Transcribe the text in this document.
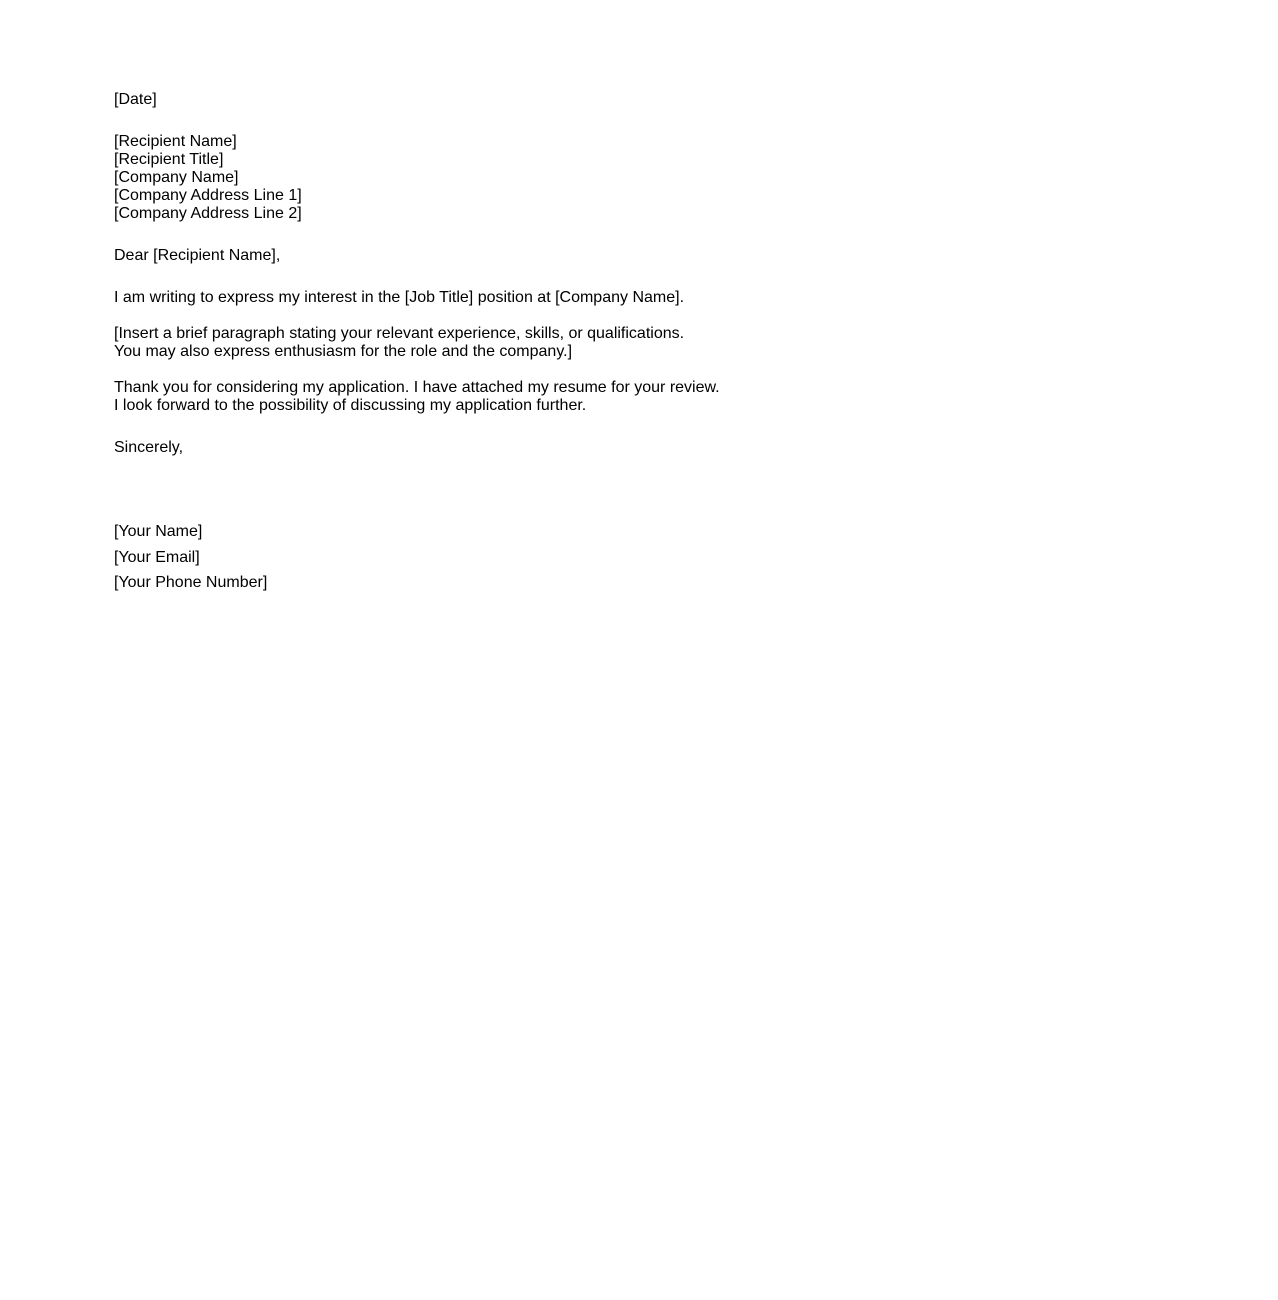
[Date]
[Recipient Name]
[Recipient Title]
[Company Name]
[Company Address Line 1]
[Company Address Line 2]
Dear [Recipient Name],
I am writing to express my interest in the [Job Title] position at [Company Name].
[Insert a brief paragraph stating your relevant experience, skills, or qualifications.
You may also express enthusiasm for the role and the company.]
Thank you for considering my application. I have attached my resume for your review.
I look forward to the possibility of discussing my application further.
Sincerely,
[Your Name]
[Your Email]
[Your Phone Number]
